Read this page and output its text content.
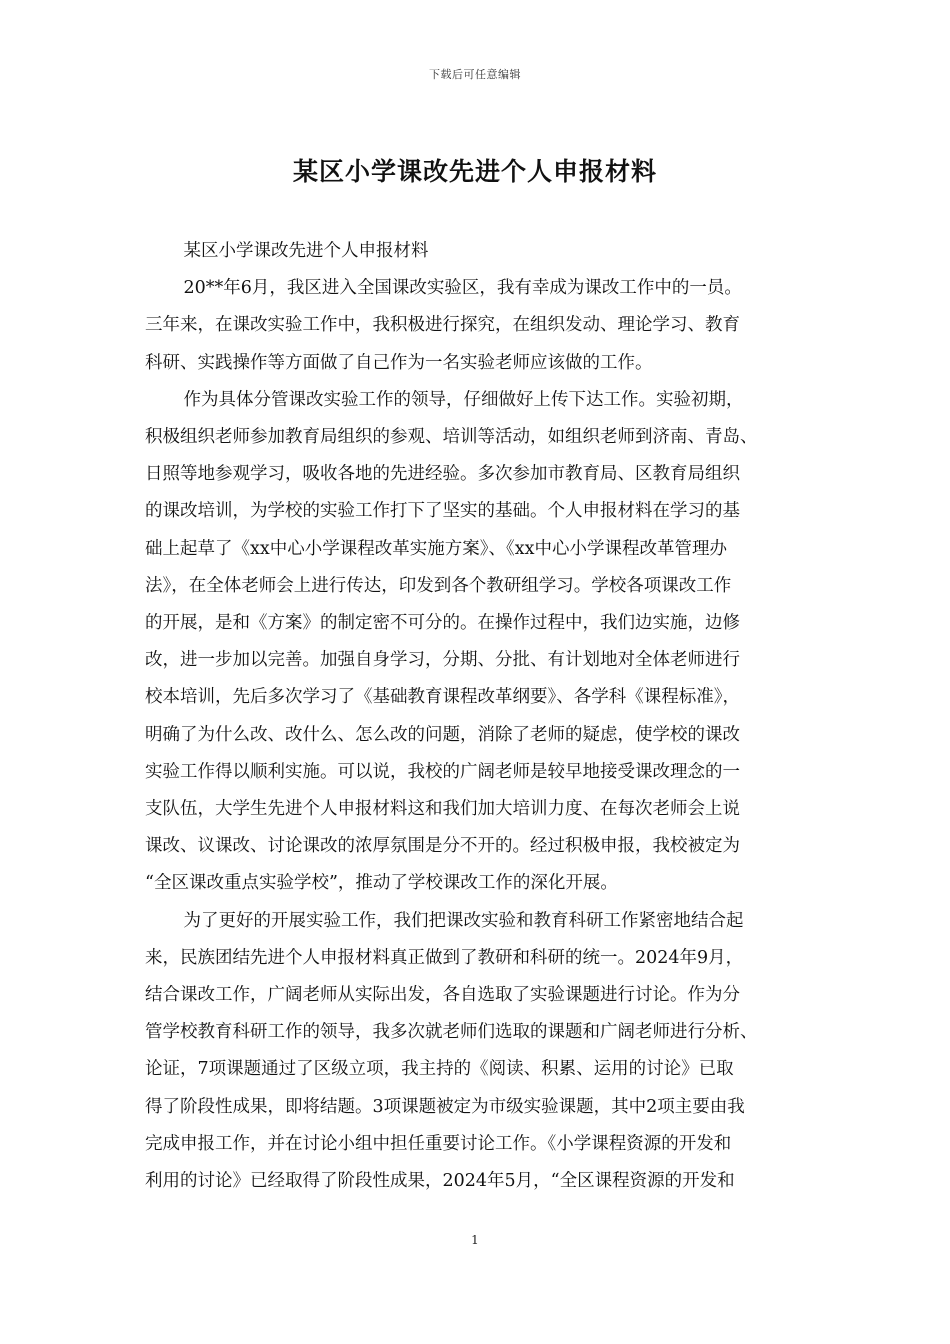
下载后可任意编辑
某区小学课改先进个人申报材料

某区小学课改先进个人申报材料

20**年6月，我区进入全国课改实验区，我有幸成为课改工作中的一员。
三年来，在课改实验工作中，我积极进行探究，在组织发动、理论学习、教育
科研、实践操作等方面做了自己作为一名实验老师应该做的工作。

作为具体分管课改实验工作的领导，仔细做好上传下达工作。实验初期，
积极组织老师参加教育局组织的参观、培训等活动，如组织老师到济南、青岛、
日照等地参观学习，吸收各地的先进经验。多次参加市教育局、区教育局组织
的课改培训，为学校的实验工作打下了坚实的基础。个人申报材料在学习的基
础上起草了《xx中心小学课程改革实施方案》、《xx中心小学课程改革管理办
法》，在全体老师会上进行传达，印发到各个教研组学习。学校各项课改工作
的开展，是和《方案》的制定密不可分的。在操作过程中，我们边实施，边修
改，进一步加以完善。加强自身学习，分期、分批、有计划地对全体老师进行
校本培训，先后多次学习了《基础教育课程改革纲要》、各学科《课程标准》，
明确了为什么改、改什么、怎么改的问题，消除了老师的疑虑，使学校的课改
实验工作得以顺利实施。可以说，我校的广阔老师是较早地接受课改理念的一
支队伍，大学生先进个人申报材料这和我们加大培训力度、在每次老师会上说
课改、议课改、讨论课改的浓厚氛围是分不开的。经过积极申报，我校被定为
“全区课改重点实验学校”，推动了学校课改工作的深化开展。

为了更好的开展实验工作，我们把课改实验和教育科研工作紧密地结合起
来，民族团结先进个人申报材料真正做到了教研和科研的统一。2024年9月，
结合课改工作，广阔老师从实际出发，各自选取了实验课题进行讨论。作为分
管学校教育科研工作的领导，我多次就老师们选取的课题和广阔老师进行分析、
论证，7项课题通过了区级立项，我主持的《阅读、积累、运用的讨论》已取
得了阶段性成果，即将结题。3项课题被定为市级实验课题，其中2项主要由我
完成申报工作，并在讨论小组中担任重要讨论工作。《小学课程资源的开发和
利用的讨论》已经取得了阶段性成果，2024年5月，“全区课程资源的开发和

1
